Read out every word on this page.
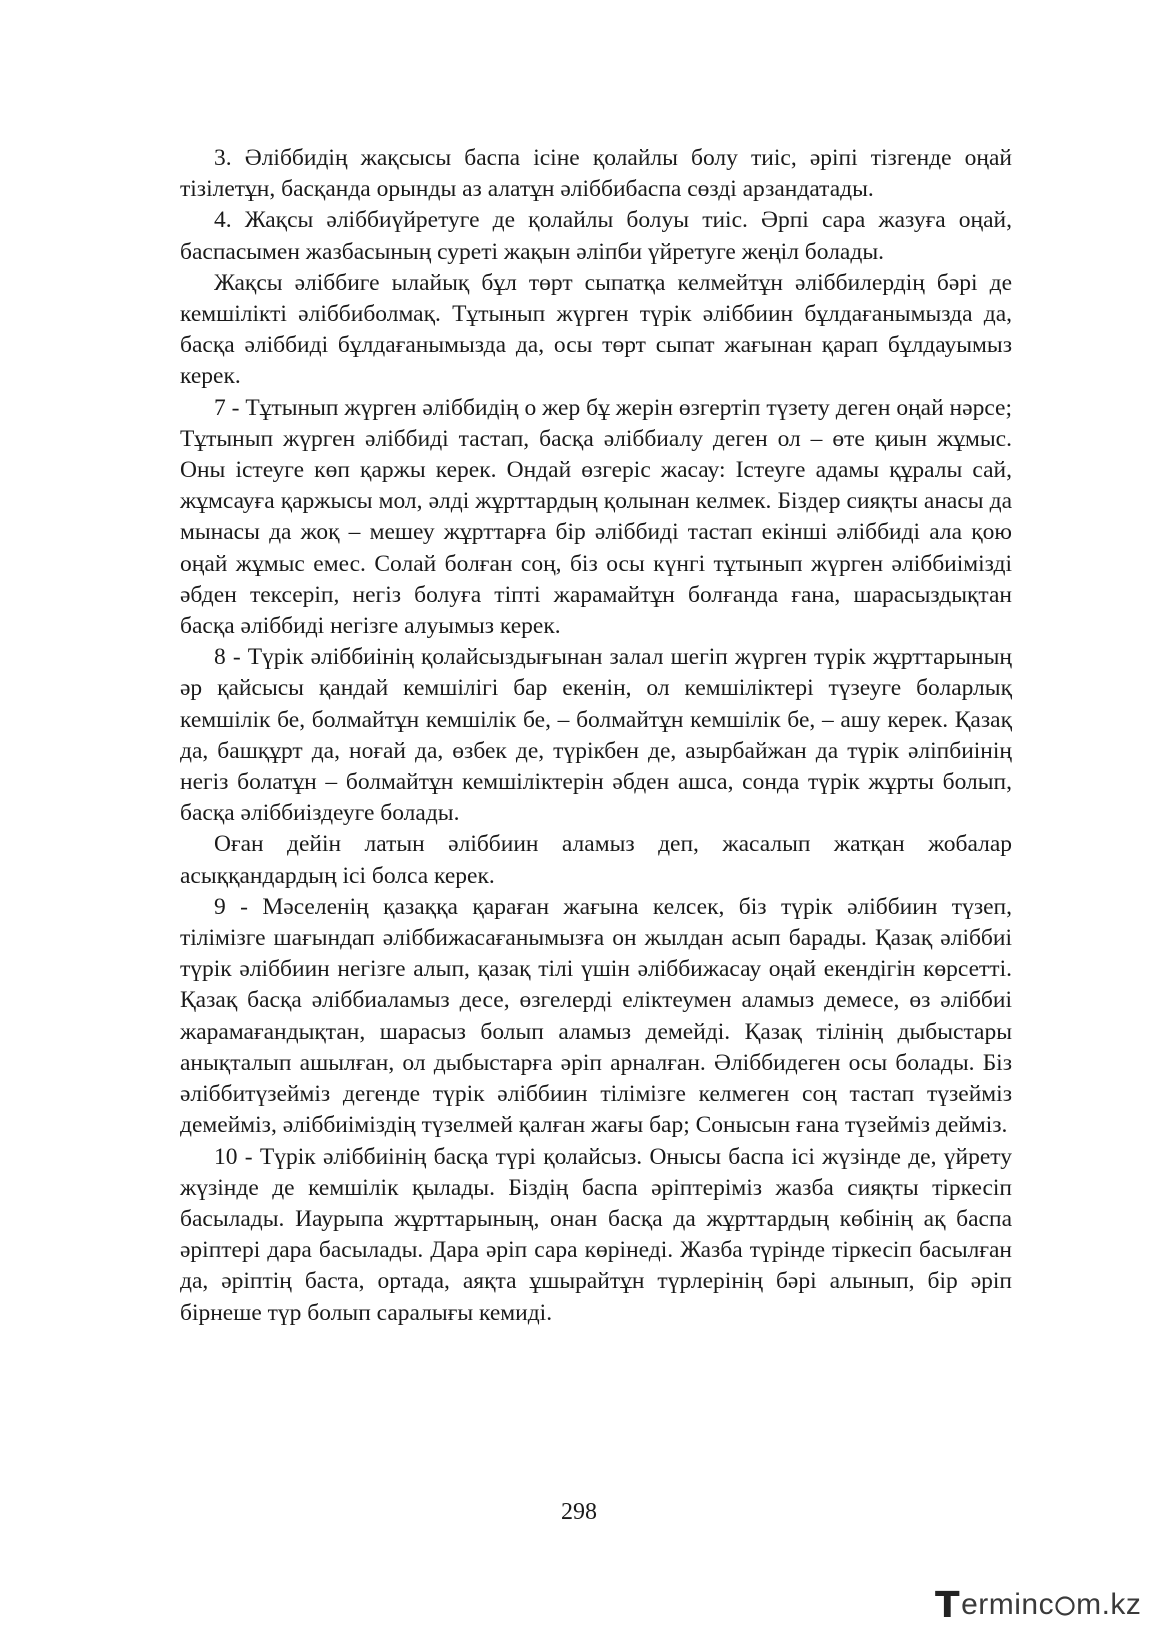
3. Әліббидің жақсысы баспа ісіне қолайлы болу тиіс, әріпі тізгенде оңай тізілетұн, басқанда орынды аз алатұн әліббибаспа сөзді арзандатады.

4. Жақсы әліббиүйретуге де қолайлы болуы тиіс. Әрпі сара жазуға оңай, баспасымен жазбасының суреті жақын әліпби үйретуге жеңіл болады.

Жақсы әліббиге ылайық бұл төрт сыпатқа келмейтұн әліббилердің бәрі де кемшілікті әліббиболмақ. Тұтынып жүрген түрік әліббиин бұлдағанымызда да, басқа әліббиді бұлдағанымызда да, осы төрт сыпат жағынан қарап бұлдауымыз керек.

7 - Тұтынып жүрген әліббидің о жер бұ жерін өзгертіп түзету деген оңай нәрсе; Тұтынып жүрген әліббиді тастап, басқа әліббиалу деген ол – өте қиын жұмыс. Оны істеуге көп қаржы керек. Ондай өзгеріс жасау: Істеуге адамы құралы сай, жұмсауға қаржысы мол, әлді жұрттардың қолынан келмек. Біздер сияқты анасы да мынасы да жоқ – мешеу жұрттарға бір әліббиді тастап екінші әліббиді ала қою оңай жұмыс емес. Солай болған соң, біз осы күнгі тұтынып жүрген әліббиімізді әбден тексеріп, негіз болуға тіпті жарамайтұн болғанда ғана, шарасыздықтан басқа әліббиді негізге алуымыз керек.

8 - Түрік әліббиінің қолайсыздығынан залал шегіп жүрген түрік жұрттарының әр қайсысы қандай кемшілігі бар екенін, ол кемшіліктері түзеуге боларлық кемшілік бе, болмайтұн кемшілік бе, – болмайтұн кемшілік бе, – ашу керек. Қазақ да, башқұрт да, ноғай да, өзбек де, түрікбен де, азырбайжан да түрік әліпбиінің негіз болатұн – болмайтұн кемшіліктерін әбден ашса, сонда түрік жұрты болып, басқа әліббиіздеуге болады.

Оған дейін латын әліббиин аламыз деп, жасалып жатқан жобалар асыққандардың ісі болса керек.

9 - Мәселенің қазаққа қараған жағына келсек, біз түрік әліббиин түзеп, тілімізге шағындап әліббижасағанымызға он жылдан асып барады. Қазақ әліббиі түрік әліббиин негізге алып, қазақ тілі үшін әліббижасау оңай екендігін көрсетті. Қазақ басқа әліббиаламыз десе, өзгелерді еліктеумен аламыз демесе, өз әліббиі жарамағандықтан, шарасыз болып аламыз демейді. Қазақ тілінің дыбыстары анықталып ашылған, ол дыбыстарға әріп арналған. Әліббидеген осы болады. Біз әліббитүзейміз дегенде түрік әліббиин тілімізге келмеген соң тастап түзейміз демейміз, әліббиіміздің түзелмей қалған жағы бар; Сонысын ғана түзейміз дейміз.

10 - Түрік әліббиінің басқа түрі қолайсыз. Онысы баспа ісі жүзінде де, үйрету жүзінде де кемшілік қылады. Біздің баспа әріптеріміз жазба сияқты тіркесіп басылады. Иаурыпа жұрттарының, онан басқа да жұрттардың көбінің ақ баспа әріптері дара басылады. Дара әріп сара көрінеді. Жазба түрінде тіркесіп басылған да, әріптің баста, ортада, аяқта ұшырайтұн түрлерінің бәрі алынып, бір әріп бірнеше түр болып саралығы кемиді.

298
T erminc m.kz
